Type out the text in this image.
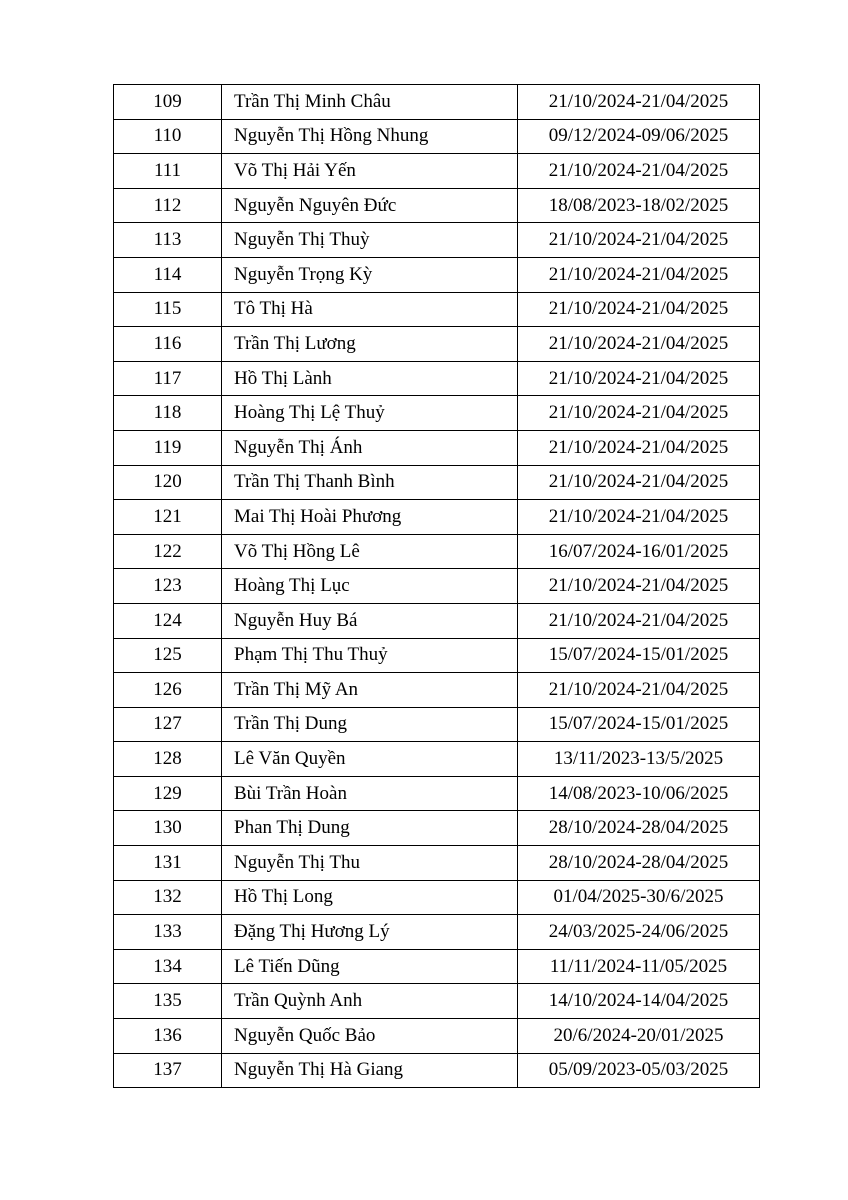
109	Trần Thị Minh Châu	21/10/2024-21/04/2025
110	Nguyễn Thị Hồng Nhung	09/12/2024-09/06/2025
111	Võ Thị Hải Yến	21/10/2024-21/04/2025
112	Nguyễn Nguyên Đức	18/08/2023-18/02/2025
113	Nguyễn Thị Thuỳ	21/10/2024-21/04/2025
114	Nguyễn Trọng Kỳ	21/10/2024-21/04/2025
115	Tô Thị Hà	21/10/2024-21/04/2025
116	Trần Thị Lương	21/10/2024-21/04/2025
117	Hồ Thị Lành	21/10/2024-21/04/2025
118	Hoàng Thị Lệ Thuỷ	21/10/2024-21/04/2025
119	Nguyễn Thị Ánh	21/10/2024-21/04/2025
120	Trần Thị Thanh Bình	21/10/2024-21/04/2025
121	Mai Thị Hoài Phương	21/10/2024-21/04/2025
122	Võ Thị Hồng Lê	16/07/2024-16/01/2025
123	Hoàng Thị Lục	21/10/2024-21/04/2025
124	Nguyễn Huy Bá	21/10/2024-21/04/2025
125	Phạm Thị Thu Thuỷ	15/07/2024-15/01/2025
126	Trần Thị Mỹ An	21/10/2024-21/04/2025
127	Trần Thị Dung	15/07/2024-15/01/2025
128	Lê Văn Quyền	13/11/2023-13/5/2025
129	Bùi Trần Hoàn	14/08/2023-10/06/2025
130	Phan Thị Dung	28/10/2024-28/04/2025
131	Nguyễn Thị Thu	28/10/2024-28/04/2025
132	Hồ Thị Long	01/04/2025-30/6/2025
133	Đặng Thị Hương Lý	24/03/2025-24/06/2025
134	Lê Tiến Dũng	11/11/2024-11/05/2025
135	Trần Quỳnh Anh	14/10/2024-14/04/2025
136	Nguyễn Quốc Bảo	20/6/2024-20/01/2025
137	Nguyễn Thị Hà Giang	05/09/2023-05/03/2025
